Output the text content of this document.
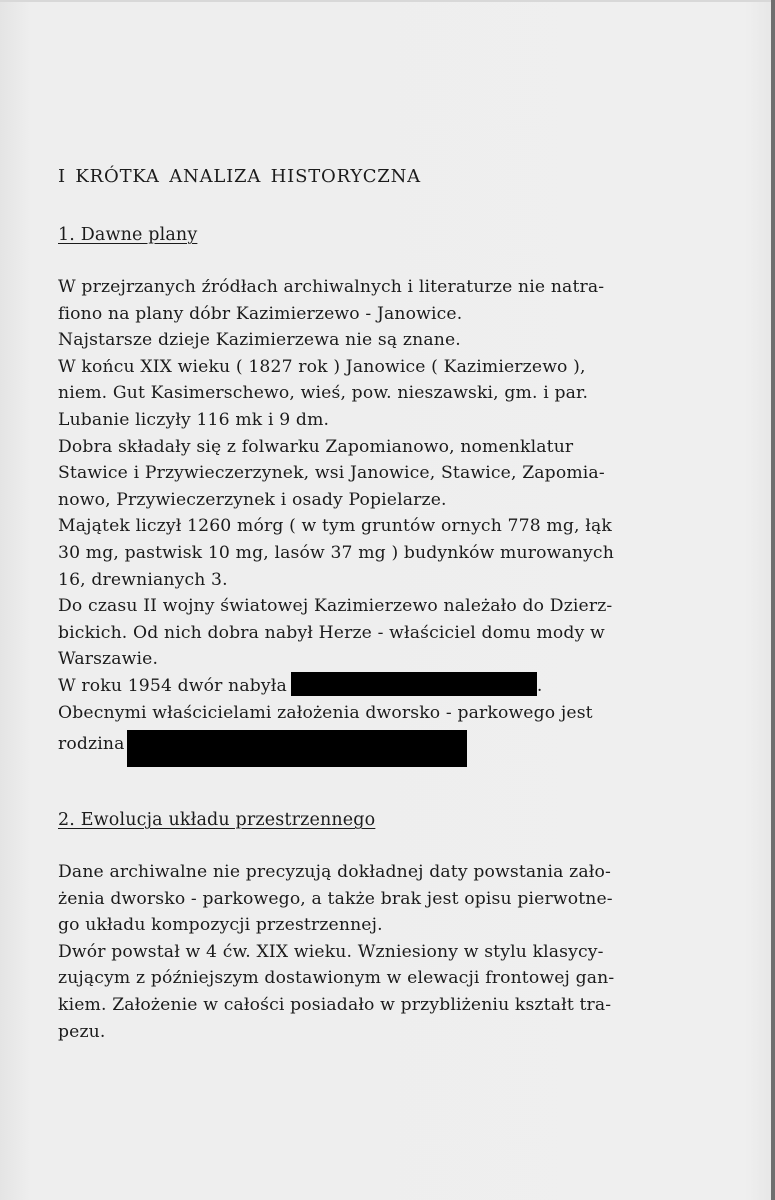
I KRÓTKA ANALIZA HISTORYCZNA
1. Dawne plany
W przejrzanych źródłach archiwalnych i literaturze nie natra-
fiono na plany dóbr Kazimierzewo - Janowice.
Najstarsze dzieje Kazimierzewa nie są znane.
W końcu XIX wieku ( 1827 rok ) Janowice ( Kazimierzewo ),
niem. Gut Kasimerschewo, wieś, pow. nieszawski, gm. i par.
Lubanie liczyły 116 mk i 9 dm.
Dobra składały się z folwarku Zapomianowo, nomenklatur
Stawice i Przywieczerzynek, wsi Janowice, Stawice, Zapomia-
nowo, Przywieczerzynek i osady Popielarze.
Majątek liczył 1260 mórg ( w tym gruntów ornych 778 mg, łąk
30 mg, pastwisk 10 mg, lasów 37 mg ) budynków murowanych
16, drewnianych 3.
Do czasu II wojny światowej Kazimierzewo należało do Dzierz-
bickich. Od nich dobra nabył Herze - właściciel domu mody w
Warszawie.
W roku 1954 dwór nabyła	.
Obecnymi właścicielami założenia dworsko - parkowego jest
rodzina
2. Ewolucja układu przestrzennego
Dane archiwalne nie precyzują dokładnej daty powstania zało-
żenia dworsko - parkowego, a także brak jest opisu pierwotne-
go układu kompozycji przestrzennej.
Dwór powstał w 4 ćw. XIX wieku. Wzniesiony w stylu klasycy-
zującym z późniejszym dostawionym w elewacji frontowej gan-
kiem. Założenie w całości posiadało w przybliżeniu kształt tra-
pezu.
